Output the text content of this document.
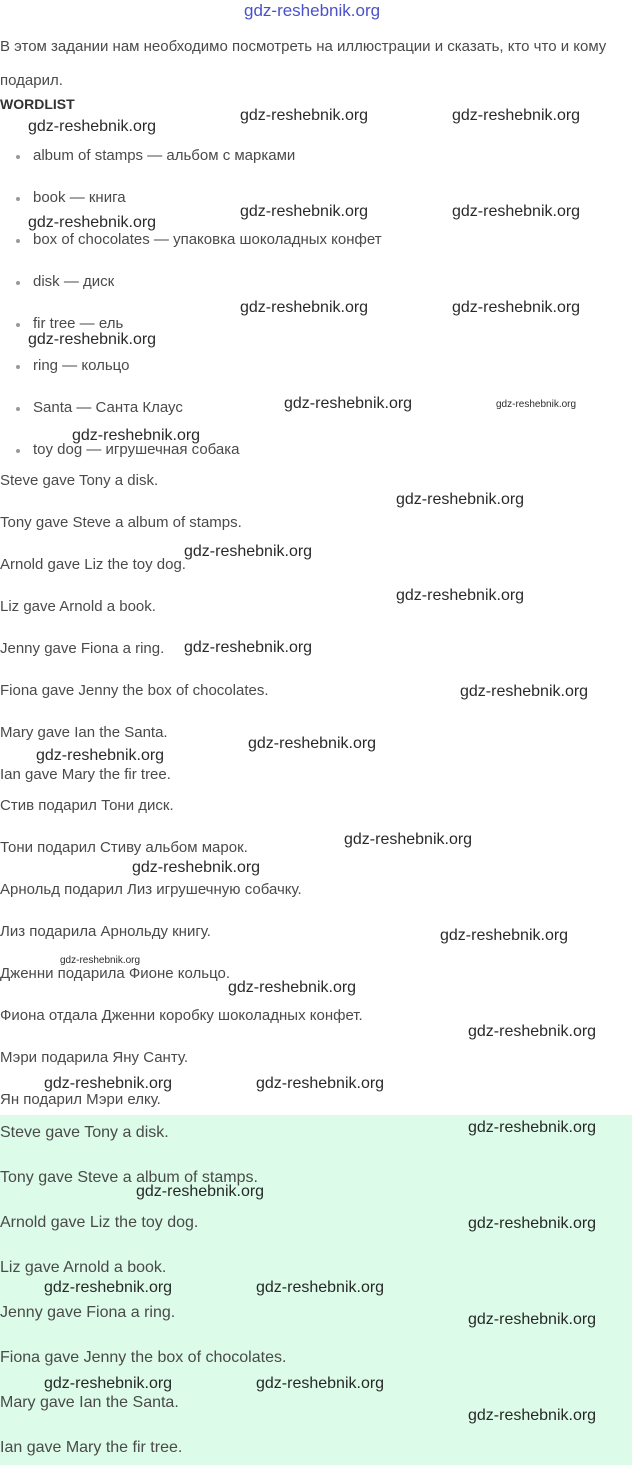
gdz-reshebnik.org
В этом задании нам необходимо посмотреть на иллюстрации и сказать, кто что и кому подарил.
WORDLIST
album of stamps — альбом с марками
book — книга
box of chocolates — упаковка шоколадных конфет
disk — диск
fir tree — ель
ring — кольцо
Santa — Санта Клаус
toy dog — игрушечная собака
Steve gave Tony a disk.
Tony gave Steve a album of stamps.
Arnold gave Liz the toy dog.
Liz gave Arnold a book.
Jenny gave Fiona a ring.
Fiona gave Jenny the box of chocolates.
Mary gave Ian the Santa.
Ian gave Mary the fir tree.
Стив подарил Тони диск.
Тони подарил Стиву альбом марок.
Арнольд подарил Лиз игрушечную собачку.
Лиз подарила Арнольду книгу.
Дженни подарила Фионе кольцо.
Фиона отдала Дженни коробку шоколадных конфет.
Мэри подарила Яну Санту.
Ян подарил Мэри елку.
Steve gave Tony a disk.
Tony gave Steve a album of stamps.
Arnold gave Liz the toy dog.
Liz gave Arnold a book.
Jenny gave Fiona a ring.
Fiona gave Jenny the box of chocolates.
Mary gave Ian the Santa.
Ian gave Mary the fir tree.
gdz-reshebnik.org
gdz-reshebnik.org	gdz-reshebnik.org
gdz-reshebnik.org
gdz-reshebnik.org	gdz-reshebnik.org
gdz-reshebnik.org	gdz-reshebnik.org
gdz-reshebnik.org
gdz-reshebnik.org
gdz-reshebnik.org
gdz-reshebnik.org
gdz-reshebnik.org
gdz-reshebnik.org
gdz-reshebnik.org
gdz-reshebnik.org
gdz-reshebnik.org
gdz-reshebnik.org
gdz-reshebnik.org
gdz-reshebnik.org
gdz-reshebnik.org
gdz-reshebnik.org
gdz-reshebnik.org
gdz-reshebnik.org	gdz-reshebnik.org
gdz-reshebnik.org
gdz-reshebnik.org
gdz-reshebnik.org
gdz-reshebnik.org	gdz-reshebnik.org
gdz-reshebnik.org
gdz-reshebnik.org	gdz-reshebnik.org
gdz-reshebnik.org
gdz-reshebnik.org
gdz-reshebnik.org
